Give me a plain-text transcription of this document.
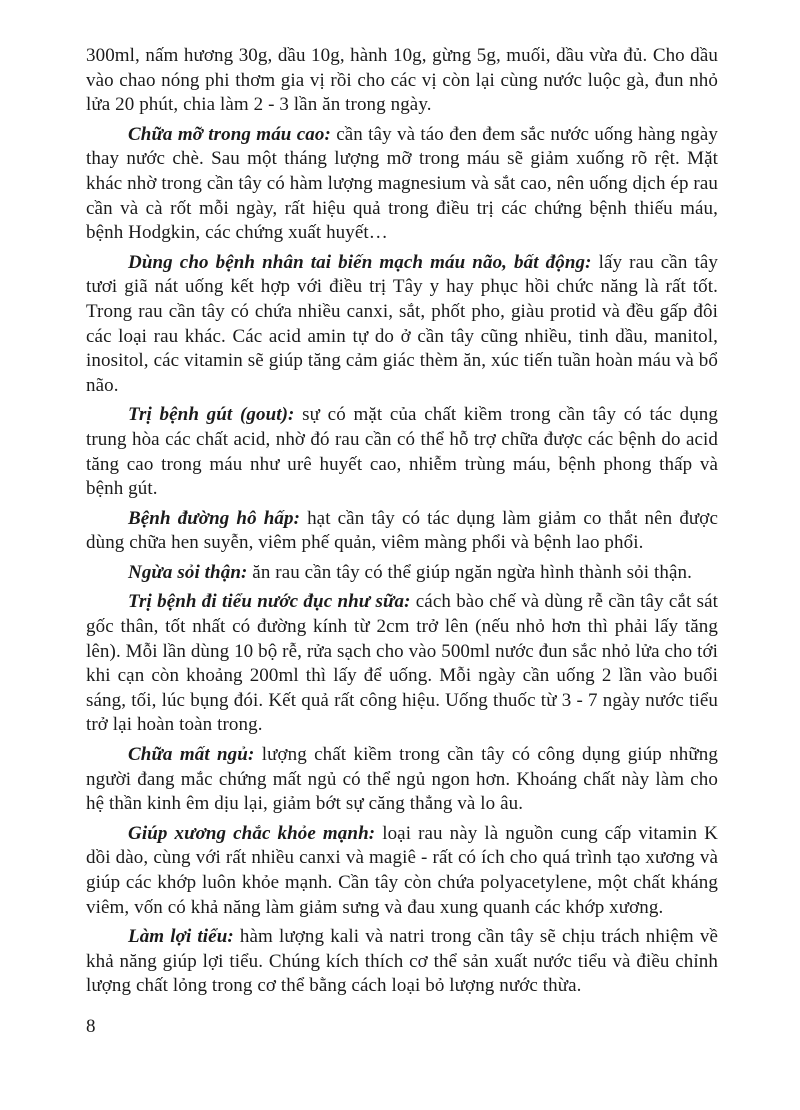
300ml, nấm hương 30g, dầu 10g, hành 10g, gừng 5g, muối, dầu vừa đủ. Cho dầu vào chao nóng phi thơm gia vị rồi cho các vị còn lại cùng nước luộc gà, đun nhỏ lửa 20 phút, chia làm 2 - 3 lần ăn trong ngày.

Chữa mỡ trong máu cao: cần tây và táo đen đem sắc nước uống hàng ngày thay nước chè. Sau một tháng lượng mỡ trong máu sẽ giảm xuống rõ rệt. Mặt khác nhờ trong cần tây có hàm lượng magnesium và sắt cao, nên uống dịch ép rau cần và cà rốt mỗi ngày, rất hiệu quả trong điều trị các chứng bệnh thiếu máu, bệnh Hodgkin, các chứng xuất huyết…

Dùng cho bệnh nhân tai biến mạch máu não, bất động: lấy rau cần tây tươi giã nát uống kết hợp với điều trị Tây y hay phục hồi chức năng là rất tốt. Trong rau cần tây có chứa nhiều canxi, sắt, phốt pho, giàu protid và đều gấp đôi các loại rau khác. Các acid amin tự do ở cần tây cũng nhiều, tinh dầu, manitol, inositol, các vitamin sẽ giúp tăng cảm giác thèm ăn, xúc tiến tuần hoàn máu và bổ não.

Trị bệnh gút (gout): sự có mặt của chất kiềm trong cần tây có tác dụng trung hòa các chất acid, nhờ đó rau cần có thể hỗ trợ chữa được các bệnh do acid tăng cao trong máu như urê huyết cao, nhiễm trùng máu, bệnh phong thấp và bệnh gút.

Bệnh đường hô hấp: hạt cần tây có tác dụng làm giảm co thắt nên được dùng chữa hen suyễn, viêm phế quản, viêm màng phổi và bệnh lao phổi.

Ngừa sỏi thận: ăn rau cần tây có thể giúp ngăn ngừa hình thành sỏi thận.

Trị bệnh đi tiểu nước đục như sữa: cách bào chế và dùng rễ cần tây cắt sát gốc thân, tốt nhất có đường kính từ 2cm trở lên (nếu nhỏ hơn thì phải lấy tăng lên). Mỗi lần dùng 10 bộ rễ, rửa sạch cho vào 500ml nước đun sắc nhỏ lửa cho tới khi cạn còn khoảng 200ml thì lấy để uống. Mỗi ngày cần uống 2 lần vào buổi sáng, tối, lúc bụng đói. Kết quả rất công hiệu. Uống thuốc từ 3 - 7 ngày nước tiểu trở lại hoàn toàn trong.

Chữa mất ngủ: lượng chất kiềm trong cần tây có công dụng giúp những người đang mắc chứng mất ngủ có thể ngủ ngon hơn. Khoáng chất này làm cho hệ thần kinh êm dịu lại, giảm bớt sự căng thẳng và lo âu.

Giúp xương chắc khỏe mạnh: loại rau này là nguồn cung cấp vitamin K dồi dào, cùng với rất nhiều canxi và magiê - rất có ích cho quá trình tạo xương và giúp các khớp luôn khỏe mạnh. Cần tây còn chứa polyacetylene, một chất kháng viêm, vốn có khả năng làm giảm sưng và đau xung quanh các khớp xương.

Làm lợi tiểu: hàm lượng kali và natri trong cần tây sẽ chịu trách nhiệm về khả năng giúp lợi tiểu. Chúng kích thích cơ thể sản xuất nước tiểu và điều chỉnh lượng chất lỏng trong cơ thể bằng cách loại bỏ lượng nước thừa.

8
